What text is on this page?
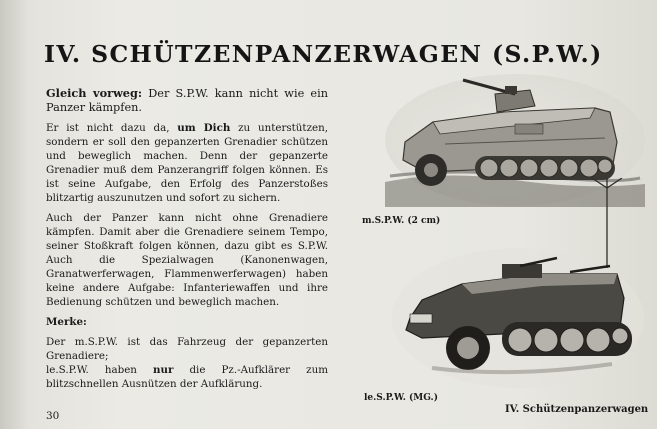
IV. SCHÜTZENPANZERWAGEN (S.P.W.)

Gleich vorweg: Der S.P.W. kann nicht wie ein Panzer kämpfen.

Er ist nicht dazu da, um Dich zu unterstützen, sondern er soll den gepanzerten Grenadier schützen und beweglich machen. Denn der gepanzerte Grenadier muß dem Panzerangriff folgen können. Es ist seine Aufgabe, den Erfolg des Panzerstoßes blitzartig auszunutzen und sofort zu sichern.

Auch der Panzer kann nicht ohne Grenadiere kämpfen. Damit aber die Grenadiere seinem Tempo, seiner Stoßkraft folgen können, dazu gibt es S.P.W. Auch die Spezialwagen (Kanonenwagen, Granatwerferwagen, Flammenwerferwagen) haben keine andere Aufgabe: Infanteriewaffen und ihre Bedienung schützen und beweglich machen.

Merke:

Der m.S.P.W. ist das Fahrzeug der gepanzerten Grenadiere;

le.S.P.W. haben nur die Pz.-Aufklärer zum blitzschnellen Ausnützen der Aufklärung.

m.S.P.W. (2 cm)
le.S.P.W. (MG.)
30
IV. Schützenpanzerwagen
